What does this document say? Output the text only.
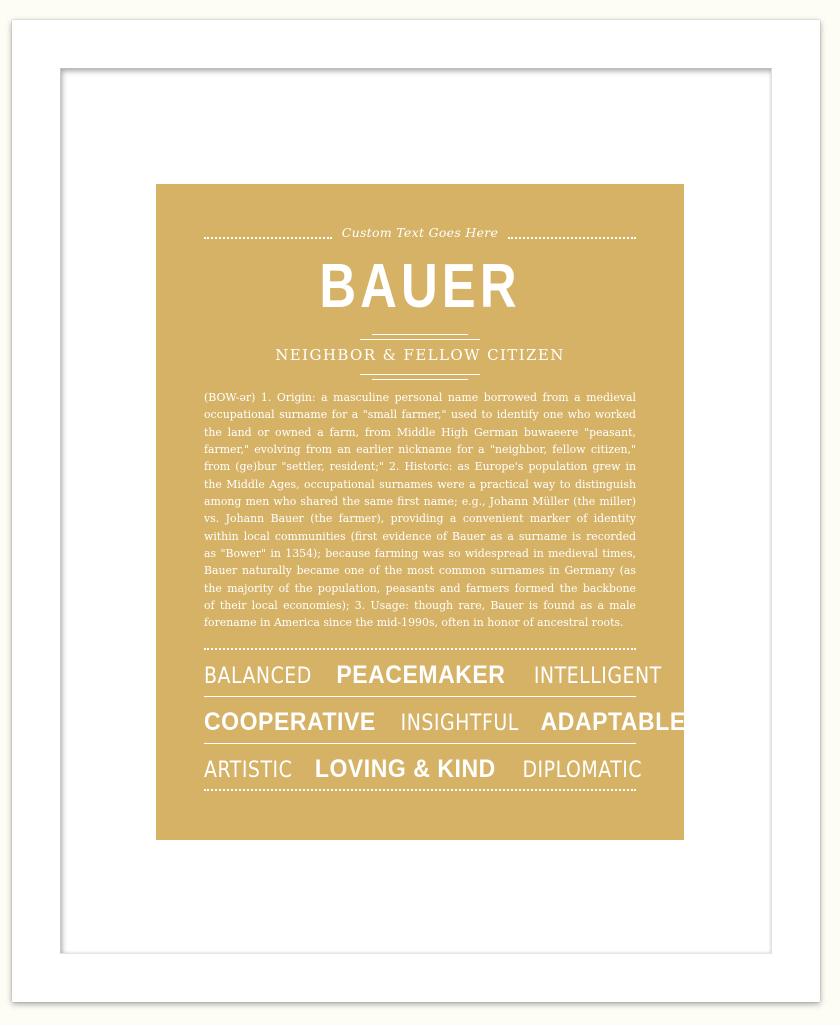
Custom Text Goes Here
BAUER
NEIGHBOR & FELLOW CITIZEN
(BOW-ər) 1. Origin: a masculine personal name borrowed from a medieval
occupational surname for a "small farmer," used to identify one who worked
the land or owned a farm, from Middle High German buwaeere "peasant,
farmer," evolving from an earlier nickname for a "neighbor, fellow citizen,"
from (ge)bur "settler, resident;" 2. Historic: as Europe's population grew in
the Middle Ages, occupational surnames were a practical way to distinguish
among men who shared the same first name; e.g., Johann Müller (the miller)
vs. Johann Bauer (the farmer), providing a convenient marker of identity
within local communities (first evidence of Bauer as a surname is recorded
as "Bower" in 1354); because farming was so widespread in medieval times,
Bauer naturally became one of the most common surnames in Germany (as
the majority of the population, peasants and farmers formed the backbone
of their local economies); 3. Usage: though rare, Bauer is found as a male
forename in America since the mid-1990s, often in honor of ancestral roots.
BALANCED PEACEMAKER INTELLIGENT
COOPERATIVE INSIGHTFUL ADAPTABLE
ARTISTIC LOVING & KIND DIPLOMATIC
